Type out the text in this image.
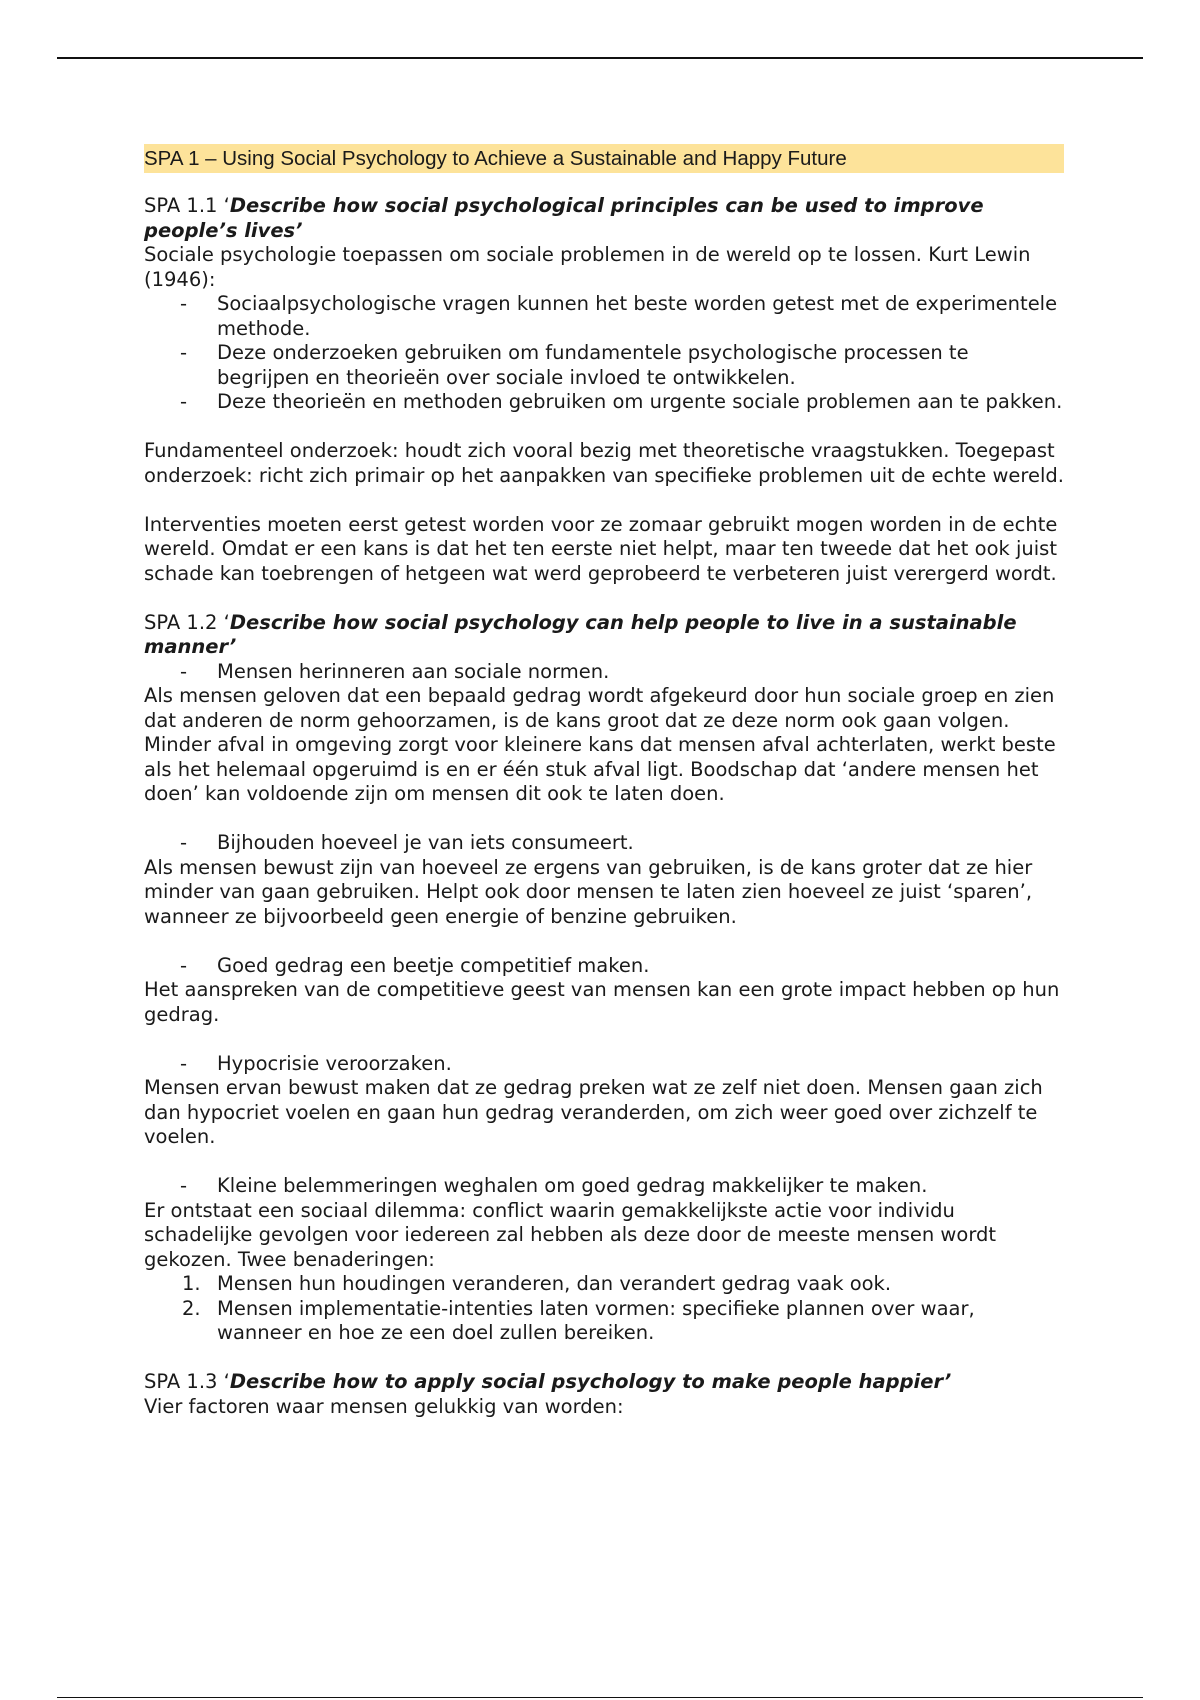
SPA 1 – Using Social Psychology to Achieve a Sustainable and Happy Future

SPA 1.1 ‘Describe how social psychological principles can be used to improve people’s lives’

Sociale psychologie toepassen om sociale problemen in de wereld op te lossen. Kurt Lewin (1946):

-	Sociaalpsychologische vragen kunnen het beste worden getest met de experimentele methode.
-	Deze onderzoeken gebruiken om fundamentele psychologische processen te begrijpen en theorieën over sociale invloed te ontwikkelen.
-	Deze theorieën en methoden gebruiken om urgente sociale problemen aan te pakken.

Fundamenteel onderzoek: houdt zich vooral bezig met theoretische vraagstukken. Toegepast onderzoek: richt zich primair op het aanpakken van specifieke problemen uit de echte wereld.

Interventies moeten eerst getest worden voor ze zomaar gebruikt mogen worden in de echte wereld. Omdat er een kans is dat het ten eerste niet helpt, maar ten tweede dat het ook juist schade kan toebrengen of hetgeen wat werd geprobeerd te verbeteren juist verergerd wordt.

SPA 1.2 ‘Describe how social psychology can help people to live in a sustainable manner’

-	Mensen herinneren aan sociale normen.

Als mensen geloven dat een bepaald gedrag wordt afgekeurd door hun sociale groep en zien dat anderen de norm gehoorzamen, is de kans groot dat ze deze norm ook gaan volgen. Minder afval in omgeving zorgt voor kleinere kans dat mensen afval achterlaten, werkt beste als het helemaal opgeruimd is en er één stuk afval ligt. Boodschap dat ‘andere mensen het doen’ kan voldoende zijn om mensen dit ook te laten doen.

-	Bijhouden hoeveel je van iets consumeert.

Als mensen bewust zijn van hoeveel ze ergens van gebruiken, is de kans groter dat ze hier minder van gaan gebruiken. Helpt ook door mensen te laten zien hoeveel ze juist ‘sparen’, wanneer ze bijvoorbeeld geen energie of benzine gebruiken.

-	Goed gedrag een beetje competitief maken.

Het aanspreken van de competitieve geest van mensen kan een grote impact hebben op hun gedrag.

-	Hypocrisie veroorzaken.

Mensen ervan bewust maken dat ze gedrag preken wat ze zelf niet doen. Mensen gaan zich dan hypocriet voelen en gaan hun gedrag veranderden, om zich weer goed over zichzelf te voelen.

-	Kleine belemmeringen weghalen om goed gedrag makkelijker te maken.

Er ontstaat een sociaal dilemma: conflict waarin gemakkelijkste actie voor individu schadelijke gevolgen voor iedereen zal hebben als deze door de meeste mensen wordt gekozen. Twee benaderingen:

1. Mensen hun houdingen veranderen, dan verandert gedrag vaak ook.
2. Mensen implementatie-intenties laten vormen: specifieke plannen over waar, wanneer en hoe ze een doel zullen bereiken.

SPA 1.3 ‘Describe how to apply social psychology to make people happier’

Vier factoren waar mensen gelukkig van worden:
